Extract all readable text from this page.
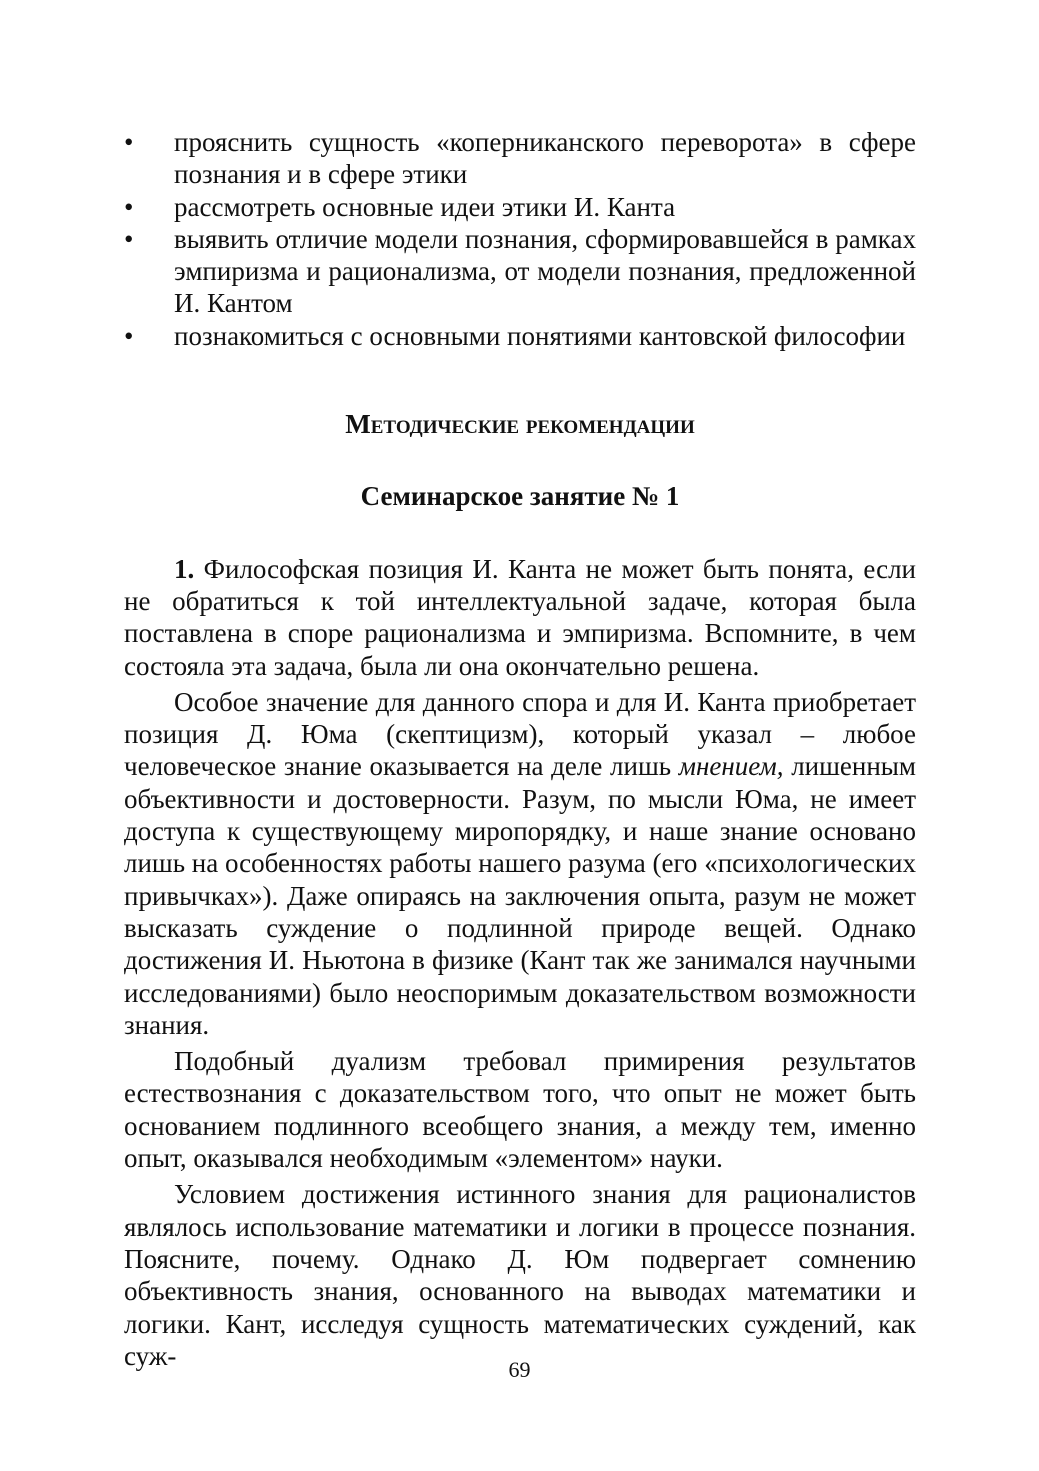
• прояснить сущность «коперниканского переворота» в сфере познания и в сфере этики
• рассмотреть основные идеи этики И. Канта
• выявить отличие модели познания, сформировавшейся в рамках эмпиризма и рационализма, от модели познания, предложенной И. Кантом
• познакомиться с основными понятиями кантовской философии
Методические рекомендации
Семинарское занятие № 1

1. Философская позиция И. Канта не может быть понята, если не обратиться к той интеллектуальной задаче, которая была поставлена в споре рационализма и эмпиризма. Вспомните, в чем состояла эта задача, была ли она окончательно решена.

Особое значение для данного спора и для И. Канта приобретает позиция Д. Юма (скептицизм), который указал – любое человеческое знание оказывается на деле лишь мнением, лишенным объективности и достоверности. Разум, по мысли Юма, не имеет доступа к существующему миропорядку, и наше знание основано лишь на особенностях работы нашего разума (его «психологических привычках»). Даже опираясь на заключения опыта, разум не может высказать суждение о подлинной природе вещей. Однако достижения И. Ньютона в физике (Кант так же занимался научными исследованиями) было неоспоримым доказательством возможности знания.

Подобный дуализм требовал примирения результатов естествознания с доказательством того, что опыт не может быть основанием подлинного всеобщего знания, а между тем, именно опыт, оказывался необходимым «элементом» науки.

Условием достижения истинного знания для рационалистов являлось использование математики и логики в процессе познания. Поясните, почему. Однако Д. Юм подвергает сомнению объективность знания, основанного на выводах математики и логики. Кант, исследуя сущность математических суждений, как суж-	69
